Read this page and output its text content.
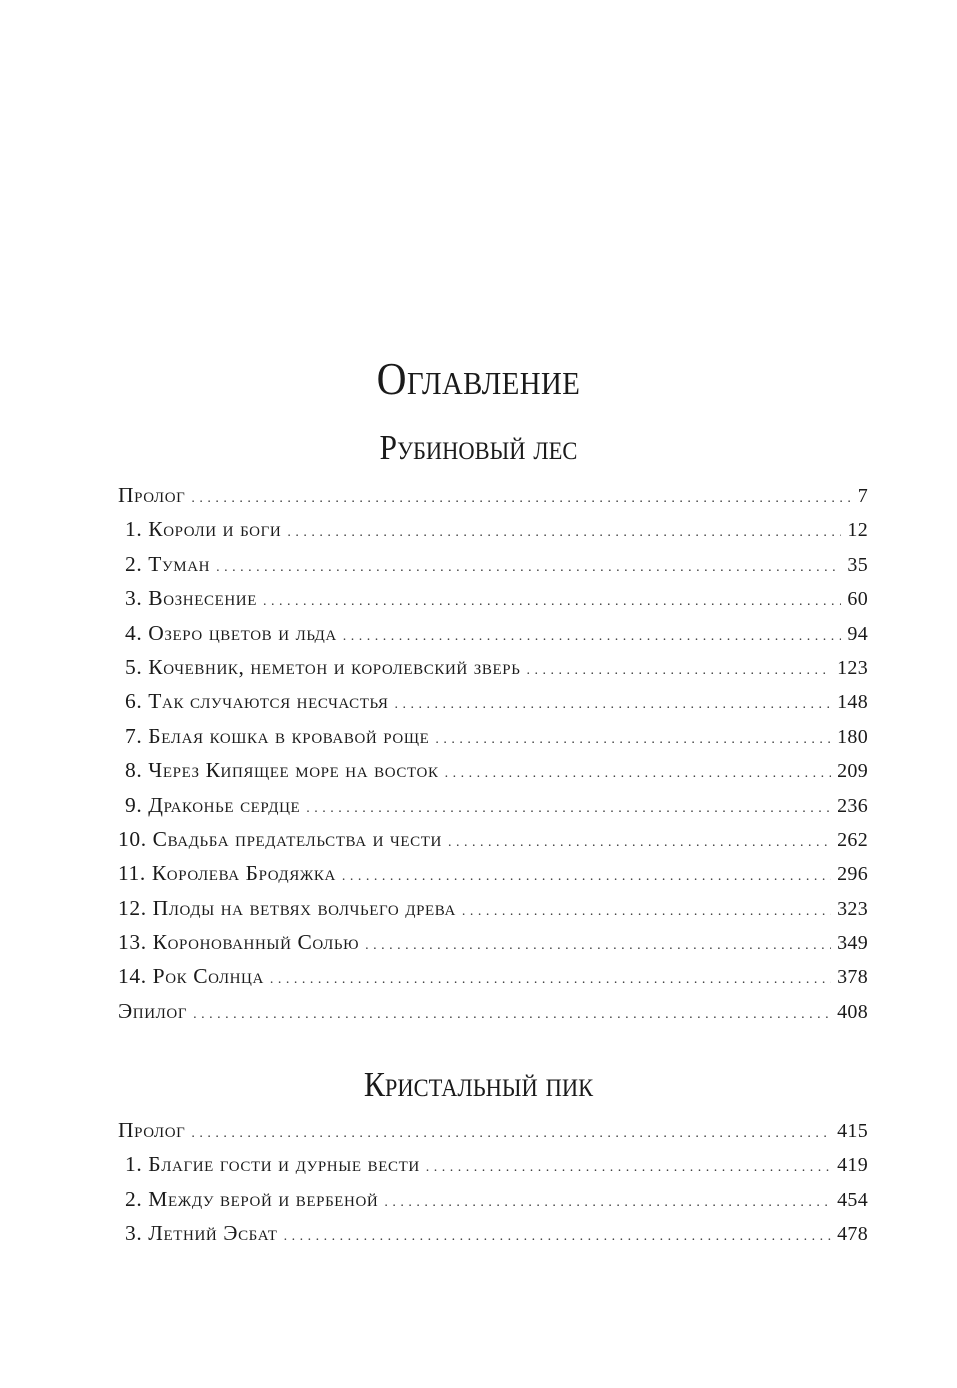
Оглавление
Рубиновый лес
Пролог . . .	7
1. Короли и боги . . .	12
2. Туман . . .	35
3. Вознесение . . .	60
4. Озеро цветов и льда . . .	94
5. Кочевник, неметон и королевский зверь . . .	123
6. Так случаются несчастья . . .	148
7. Белая кошка в кровавой роще . . .	180
8. Через Кипящее море на восток . . .	209
9. Драконье сердце . . .	236
10. Свадьба предательства и чести . . .	262
11. Королева Бродяжка . . .	296
12. Плоды на ветвях волчьего древа . . .	323
13. Коронованный Солью . . .	349
14. Рок Солнца . . .	378
Эпилог . . .	408
Кристальный пик
Пролог . . .	415
1. Благие гости и дурные вести . . .	419
2. Между верой и вербеной . . .	454
3. Летний Эсбат . . .	478
